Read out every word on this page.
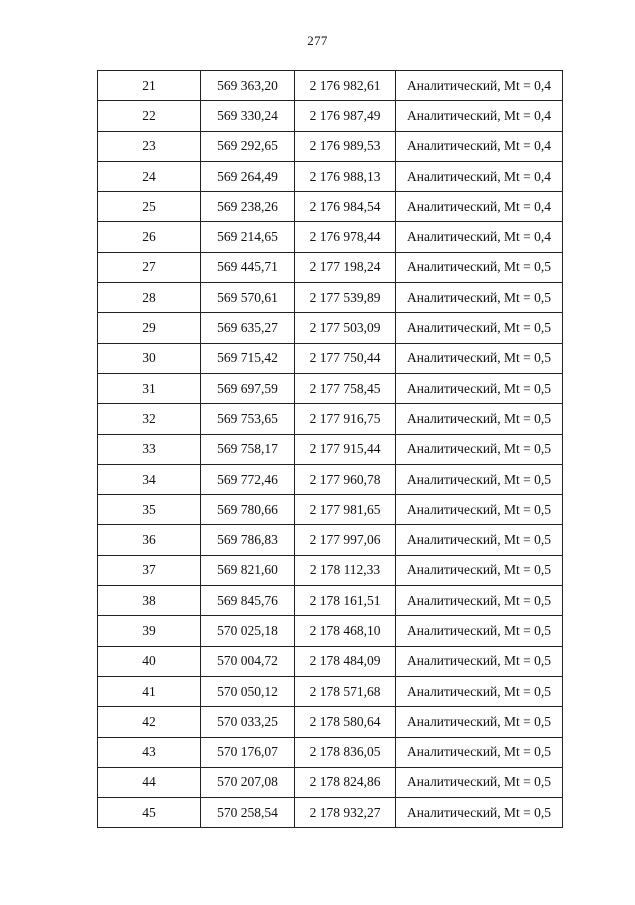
277
21	569 363,20	2 176 982,61	Аналитический, Mt = 0,4
22	569 330,24	2 176 987,49	Аналитический, Mt = 0,4
23	569 292,65	2 176 989,53	Аналитический, Mt = 0,4
24	569 264,49	2 176 988,13	Аналитический, Mt = 0,4
25	569 238,26	2 176 984,54	Аналитический, Mt = 0,4
26	569 214,65	2 176 978,44	Аналитический, Mt = 0,4
27	569 445,71	2 177 198,24	Аналитический, Mt = 0,5
28	569 570,61	2 177 539,89	Аналитический, Mt = 0,5
29	569 635,27	2 177 503,09	Аналитический, Mt = 0,5
30	569 715,42	2 177 750,44	Аналитический, Mt = 0,5
31	569 697,59	2 177 758,45	Аналитический, Mt = 0,5
32	569 753,65	2 177 916,75	Аналитический, Mt = 0,5
33	569 758,17	2 177 915,44	Аналитический, Mt = 0,5
34	569 772,46	2 177 960,78	Аналитический, Mt = 0,5
35	569 780,66	2 177 981,65	Аналитический, Mt = 0,5
36	569 786,83	2 177 997,06	Аналитический, Mt = 0,5
37	569 821,60	2 178 112,33	Аналитический, Mt = 0,5
38	569 845,76	2 178 161,51	Аналитический, Mt = 0,5
39	570 025,18	2 178 468,10	Аналитический, Mt = 0,5
40	570 004,72	2 178 484,09	Аналитический, Mt = 0,5
41	570 050,12	2 178 571,68	Аналитический, Mt = 0,5
42	570 033,25	2 178 580,64	Аналитический, Mt = 0,5
43	570 176,07	2 178 836,05	Аналитический, Mt = 0,5
44	570 207,08	2 178 824,86	Аналитический, Mt = 0,5
45	570 258,54	2 178 932,27	Аналитический, Mt = 0,5
